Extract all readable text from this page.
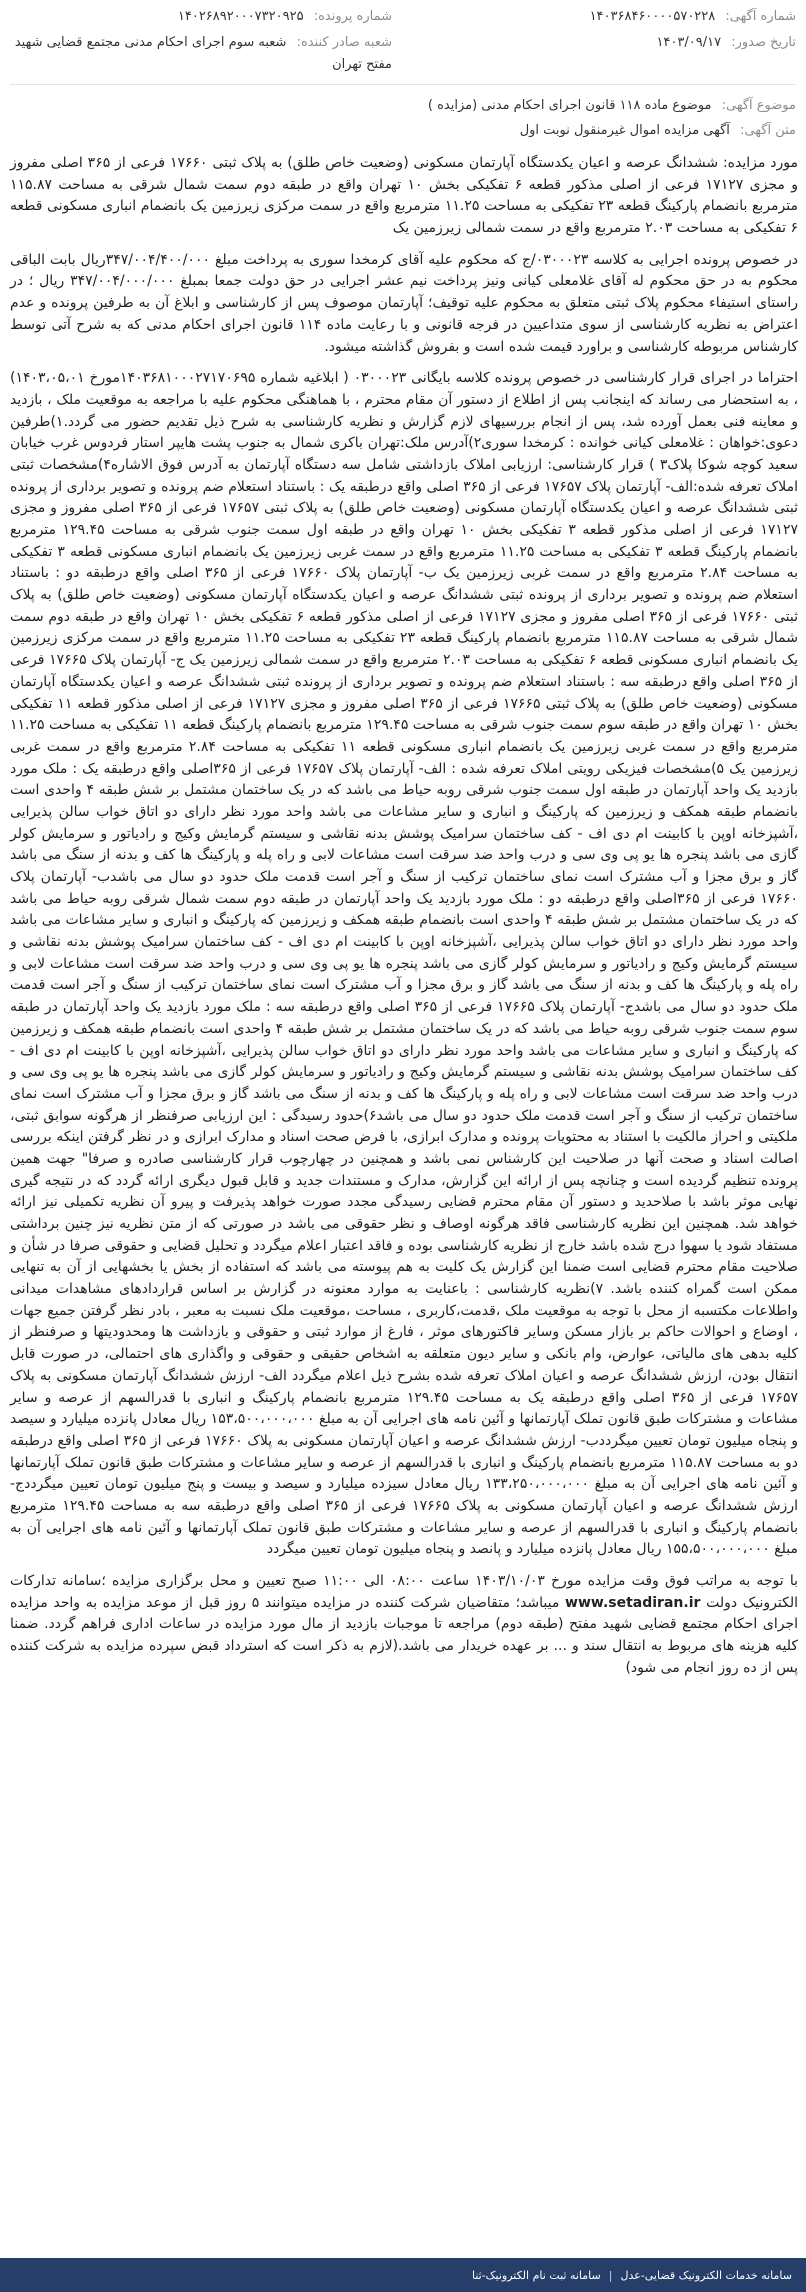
شماره آگهی: ۱۴۰۳۶۸۴۶۰۰۰۰۵۷۰۲۲۸
شماره پرونده: ۱۴۰۲۶۸۹۲۰۰۰۷۳۲۰۹۲۵
تاریخ صدور: ۱۴۰۳/۰۹/۱۷
شعبه صادر کننده: شعبه سوم اجرای احکام مدنی مجتمع قضایی شهید مفتح تهران
موضوع آگهی: موضوع ماده ۱۱۸ قانون اجرای احکام مدنی (مزایده )
متن آگهی: آگهی مزایده اموال غیرمنقول نوبت اول

مورد مزایده: ششدانگ عرصه و اعیان یکدستگاه آپارتمان مسکونی (وضعیت خاص طلق) به پلاک ثبتی ۱۷۶۶۰ فرعی از ۳۶۵ اصلی مفروز و مجزی ۱۷۱۲۷ فرعی از اصلی مذکور قطعه ۶ تفکیکی بخش ۱۰ تهران واقع در طبقه دوم سمت شمال شرقی به مساحت ۱۱۵.۸۷ مترمربع بانضمام پارکینگ قطعه ۲۳ تفکیکی به مساحت ۱۱.۲۵ مترمربع واقع در سمت مرکزی زیرزمین یک بانضمام انباری مسکونی قطعه ۶ تفکیکی به مساحت ۲.۰۳ مترمربع واقع در سمت شمالی زیرزمین یک

در خصوص پرونده اجرایی به کلاسه ۰۳۰۰۰۲۳/ج که محکوم علیه آقای کرمخدا سوری به پرداخت مبلغ ۳۴۷/۰۰۴/۴۰۰/۰۰۰ریال بابت الباقی محکوم به در حق محکوم له آقای غلامعلی کیانی ونیز پرداخت نیم عشر اجرایی در حق دولت جمعا بمبلغ ۳۴۷/۰۰۴/۰۰۰/۰۰۰ ریال ؛ در راستای استیفاء محکوم پلاک ثبتی متعلق به محکوم علیه توقیف؛ آپارتمان موصوف پس از کارشناسی و ابلاغ آن به طرفین پرونده و عدم اعتراض به نظریه کارشناسی از سوی متداعیین در فرجه قانونی و با رعایت ماده ۱۱۴ قانون اجرای احکام مدنی که به شرح آتی توسط کارشناس مربوطه کارشناسی و براورد قیمت شده است و بفروش گذاشته میشود.

احتراما در اجرای قرار کارشناسی در خصوص پرونده کلاسه بایگانی ۰۳۰۰۰۲۳ ( ابلاغیه شماره ۱۴۰۳۶۸۱۰۰۰۲۷۱۷۰۶۹۵مورخ ۱۴۰۳،۰۵،۰۱) ، به استحضار می رساند که اینجانب پس از اطلاع از دستور آن مقام محترم ، با هماهنگی محکوم علیه با مراجعه به موقعیت ملک ، بازدید و معاینه فنی بعمل آورده شد، پس از انجام بررسیهای لازم گزارش و نظریه کارشناسی به شرح ذیل تقدیم حضور می گردد.۱)طرفین دعوی:خواهان : غلامعلی کیانی خوانده : کرمخدا سوری۲)آدرس ملک:تهران باکری شمال به جنوب پشت هایپر استار فردوس غرب خیابان سعید کوچه شوکا پلاک۳ ) قرار کارشناسی: ارزیابی املاک بازداشتی شامل سه دستگاه آپارتمان به آدرس فوق الاشاره۴)مشخصات ثبتی املاک تعرفه شده:الف- آپارتمان پلاک ۱۷۶۵۷ فرعی از ۳۶۵ اصلی واقع درطبقه یک : باستناد استعلام ضم پرونده و تصویر برداری از پرونده ثبتی ششدانگ عرصه و اعیان یکدستگاه آپارتمان مسکونی (وضعیت خاص طلق) به پلاک ثبتی ۱۷۶۵۷ فرعی از ۳۶۵ اصلی مفروز و مجزی ۱۷۱۲۷ فرعی از اصلی مذکور قطعه ۳ تفکیکی بخش ۱۰ تهران واقع در طبقه اول سمت جنوب شرقی به مساحت ۱۲۹.۴۵ مترمربع بانضمام پارکینگ قطعه ۳ تفکیکی به مساحت ۱۱.۲۵ مترمربع واقع در سمت غربی زیرزمین یک بانضمام انباری مسکونی قطعه ۳ تفکیکی به مساحت ۲.۸۴ مترمربع واقع در سمت غربی زیرزمین یک ب- آپارتمان پلاک ۱۷۶۶۰ فرعی از ۳۶۵ اصلی واقع درطبقه دو : باستناد استعلام ضم پرونده و تصویر برداری از پرونده ثبتی ششدانگ عرصه و اعیان یکدستگاه آپارتمان مسکونی (وضعیت خاص طلق) به پلاک ثبتی ۱۷۶۶۰ فرعی از ۳۶۵ اصلی مفروز و مجزی ۱۷۱۲۷ فرعی از اصلی مذکور قطعه ۶ تفکیکی بخش ۱۰ تهران واقع در طبقه دوم سمت شمال شرقی به مساحت ۱۱۵.۸۷ مترمربع بانضمام پارکینگ قطعه ۲۳ تفکیکی به مساحت ۱۱.۲۵ مترمربع واقع در سمت مرکزی زیرزمین یک بانضمام انباری مسکونی قطعه ۶ تفکیکی به مساحت ۲.۰۳ مترمربع واقع در سمت شمالی زیرزمین یک ج- آپارتمان پلاک ۱۷۶۶۵ فرعی از ۳۶۵ اصلی واقع درطبقه سه : باستناد استعلام ضم پرونده و تصویر برداری از پرونده ثبتی ششدانگ عرصه و اعیان یکدستگاه آپارتمان مسکونی (وضعیت خاص طلق) به پلاک ثبتی ۱۷۶۶۵ فرعی از ۳۶۵ اصلی مفروز و مجزی ۱۷۱۲۷ فرعی از اصلی مذکور قطعه ۱۱ تفکیکی بخش ۱۰ تهران واقع در طبقه سوم سمت جنوب شرقی به مساحت ۱۲۹.۴۵ مترمربع بانضمام پارکینگ قطعه ۱۱ تفکیکی به مساحت ۱۱.۲۵ مترمربع واقع در سمت غربی زیرزمین یک بانضمام انباری مسکونی قطعه ۱۱ تفکیکی به مساحت ۲.۸۴ مترمربع واقع در سمت غربی زیرزمین یک ۵)مشخصات فیزیکی رویتی املاک تعرفه شده : الف- آپارتمان پلاک ۱۷۶۵۷ فرعی از ۳۶۵اصلی واقع درطبقه یک : ملک مورد بازدید یک واحد آپارتمان در طبقه اول سمت جنوب شرقی روبه حیاط می باشد که در یک ساختمان مشتمل بر شش طبقه ۴ واحدی است بانضمام طبقه همکف و زیرزمین که پارکینگ و انباری و سایر مشاعات می باشد واحد مورد نظر دارای دو اتاق خواب سالن پذیرایی ،آشپزخانه اوپن با کابینت ام دی اف - کف ساختمان سرامیک پوشش بدنه نقاشی و سیستم گرمایش وکیج و رادیاتور و سرمایش کولر گازی می باشد پنجره ها یو پی وی سی و درب واحد ضد سرقت است مشاعات لابی و راه پله و پارکینگ ها کف و بدنه از سنگ می باشد گاز و برق مجزا و آب مشترک است نمای ساختمان ترکیب از سنگ و آجر است قدمت ملک حدود دو سال می باشدب- آپارتمان پلاک ۱۷۶۶۰ فرعی از ۳۶۵اصلی واقع درطبقه دو : ملک مورد بازدید یک واحد آپارتمان در طبقه دوم سمت شمال شرقی روبه حیاط می باشد که در یک ساختمان مشتمل بر شش طبقه ۴ واحدی است بانضمام طبقه همکف و زیرزمین که پارکینگ و انباری و سایر مشاعات می باشد واحد مورد نظر دارای دو اتاق خواب سالن پذیرایی ،آشپزخانه اوپن با کابینت ام دی اف - کف ساختمان سرامیک پوشش بدنه نقاشی و سیستم گرمایش وکیج و رادیاتور و سرمایش کولر گازی می باشد پنجره ها یو پی وی سی و درب واحد ضد سرقت است مشاعات لابی و راه پله و پارکینگ ها کف و بدنه از سنگ می باشد گاز و برق مجزا و آب مشترک است نمای ساختمان ترکیب از سنگ و آجر است قدمت ملک حدود دو سال می باشدج- آپارتمان پلاک ۱۷۶۶۵ فرعی از ۳۶۵ اصلی واقع درطبقه سه : ملک مورد بازدید یک واحد آپارتمان در طبقه سوم سمت جنوب شرقی روبه حیاط می باشد که در یک ساختمان مشتمل بر شش طبقه ۴ واحدی است بانضمام طبقه همکف و زیرزمین که پارکینگ و انباری و سایر مشاعات می باشد واحد مورد نظر دارای دو اتاق خواب سالن پذیرایی ،آشپزخانه اوپن با کابینت ام دی اف - کف ساختمان سرامیک پوشش بدنه نقاشی و سیستم گرمایش وکیج و رادیاتور و سرمایش کولر گازی می باشد پنجره ها یو پی وی سی و درب واحد ضد سرقت است مشاعات لابی و راه پله و پارکینگ ها کف و بدنه از سنگ می باشد گاز و برق مجزا و آب مشترک است نمای ساختمان ترکیب از سنگ و آجر است قدمت ملک حدود دو سال می باشد۶)حدود رسیدگی : این ارزیابی صرفنظر از هرگونه سوابق ثبتی، ملکیتی و احراز مالکیت با استناد به محتویات پرونده و مدارک ابرازی، با فرض صحت اسناد و مدارک ابرازی و در نظر گرفتن اینکه بررسی اصالت اسناد و صحت آنها در صلاحیت این کارشناس نمی باشد و همچنین در چهارچوب قرار کارشناسی صادره و صرفا" جهت همین پرونده تنظیم گردیده است و چنانچه پس از ارائه این گزارش، مدارک و مستندات جدید و قابل قبول دیگری ارائه گردد که در نتیجه گیری نهایی موثر باشد با صلاحدید و دستور آن مقام محترم قضایی رسیدگی مجدد صورت خواهد پذیرفت و پیرو آن نظریه تکمیلی نیز ارائه خواهد شد. همچنین این نظریه کارشناسی فاقد هرگونه اوصاف و نظر حقوقی می باشد در صورتی که از متن نظریه نیز چنین برداشتی مستفاد شود یا سهوا درج شده باشد خارج از نظریه کارشناسی بوده و فاقد اعتبار اعلام میگردد و تحلیل قضایی و حقوقی صرفا در شأن و صلاحیت مقام محترم قضایی است ضمنا این گزارش یک کلیت به هم پیوسته می باشد که استفاده از بخش یا بخشهایی از آن به تنهایی ممکن است گمراه کننده باشد. ۷)نظریه کارشناسی : باعنایت به موارد معنونه در گزارش بر اساس قراردادهای مشاهدات میدانی واطلاعات مکتسبه از محل با توجه به موقعیت ملک ،قدمت،کاربری ، مساحت ،موقعیت ملک نسبت به معبر ، بادر نظر گرفتن جمیع جهات ، اوضاع و احوالات حاکم بر بازار مسکن وسایر فاکتورهای موثر ، فارغ از موارد ثبتی و حقوقی و بازداشت ها ومحدودیتها و صرفنظر از کلیه بدهی های مالیاتی، عوارض، وام بانکی و سایر دیون متعلقه به اشخاص حقیقی و حقوقی و واگذاری های احتمالی، در صورت قابل انتقال بودن، ارزش ششدانگ عرصه و اعیان املاک تعرفه شده بشرح ذیل اعلام میگردد الف- ارزش ششدانگ آپارتمان مسکونی به پلاک ۱۷۶۵۷ فرعی از ۳۶۵ اصلی واقع درطبقه یک به مساحت ۱۲۹.۴۵ مترمربع بانضمام پارکینگ و انباری با قدرالسهم از عرصه و سایر مشاعات و مشترکات طبق قانون تملک آپارتمانها و آئین نامه های اجرایی آن به مبلغ ۱۵۳،۵۰۰،۰۰۰،۰۰۰ ریال معادل پانزده میلیارد و سیصد و پنجاه میلیون تومان تعیین میگرددب- ارزش ششدانگ عرصه و اعیان آپارتمان مسکونی به پلاک ۱۷۶۶۰ فرعی از ۳۶۵ اصلی واقع درطبقه دو به مساحت ۱۱۵.۸۷ مترمربع بانضمام پارکینگ و انباری با قدرالسهم از عرصه و سایر مشاعات و مشترکات طبق قانون تملک آپارتمانها و آئین نامه های اجرایی آن به مبلغ ۱۳۳،۲۵۰،۰۰۰،۰۰۰ ریال معادل سیزده میلیارد و سیصد و بیست و پنج میلیون تومان تعیین میگرددج- ارزش ششدانگ عرصه و اعیان آپارتمان مسکونی به پلاک ۱۷۶۶۵ فرعی از ۳۶۵ اصلی واقع درطبقه سه به مساحت ۱۲۹.۴۵ مترمربع بانضمام پارکینگ و انباری با قدرالسهم از عرصه و سایر مشاعات و مشترکات طبق قانون تملک آپارتمانها و آئین نامه های اجرایی آن به مبلغ ۱۵۵،۵۰۰،۰۰۰،۰۰۰ ریال معادل پانزده میلیارد و پانصد و پنجاه میلیون تومان تعیین میگردد

با توجه به مراتب فوق وقت مزایده مورخ ۱۴۰۳/۱۰/۰۳ ساعت ۰۸:۰۰ الی ۱۱:۰۰ صبح تعیین و محل برگزاری مزایده ؛سامانه تدارکات الکترونیک دولت www.setadiran.ir میباشد؛ متقاضیان شرکت کننده در مزایده میتوانند ۵ روز قبل از موعد مزایده به واحد مزایده اجرای احکام مجتمع قضایی شهید مفتح (طبقه دوم) مراجعه تا موجبات بازدید از مال مورد مزایده در ساعات اداری فراهم گردد. ضمنا کلیه هزینه های مربوط به انتقال سند و ... بر عهده خریدار می باشد.(لازم به ذکر است که استرداد قبض سپرده مزایده به شرکت کننده پس از ده روز انجام می شود)

سامانه خدمات الکترونیک قضایی-عدل
|
سامانه ثبت نام الکترونیک-ثنا
